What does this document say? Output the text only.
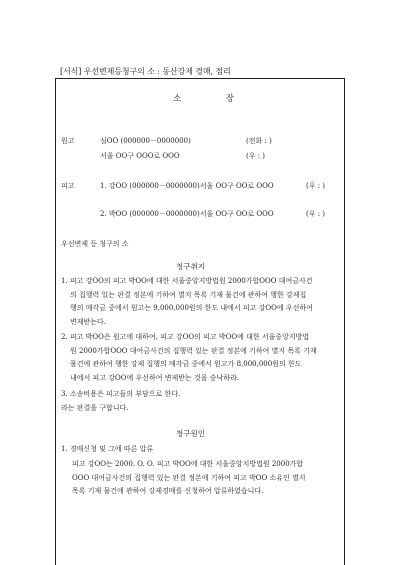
[서식] 우선변제등청구의 소 : 동산강제 경매, 점리
소	장
원고	심OO (000000－0000000)	(전화 : )
서울 OO구 OOO로 OOO	(우 : )
피고	1. 강OO (000000－0000000)서울 OO구 OO로 OOO	(우 : )
2. 박OO (000000－0000000)서울 OO구 OO로 OOO	(우 : )
우선변제 등 청구의 소
청구취지
1. 피고 강OO의 피고 박OO에 대한 서울중앙지방법원 2000가합OOO 대여금사건
의 집행력 있는 판결 정본에 기하여 별지 목록 기재 물건에 관하여 행한 강제집
행의 매각금 중에서 원고는 9,000,000원의 한도 내에서 피고 강OO에 우선하여
변제받는다.
2. 피고 박OO은 원고에 대하여, 피고 강OO의 피고 박OO에 대한 서울중앙지방법
원 2000가합OOO 대여금사건의 집행력 있는 판결 정본에 기하여 별지 목록 기재
물건에 관하여 행한 강제 집행의 매각금 중에서 원고가 8,000,000원의 한도
내에서 피고 강OO에 우선하여 변제받는 것을 승낙하라.
3. 소송비용은 피고들의 부담으로 한다.
라는 판결을 구합니다.
청구원인
1. 경매신청 및 그에 따른 압류
피고 강OO는 2000. O. O. 피고 박OO에 대한 서울중앙지방법원 2000가합
OOO 대여금사건의 집행력 있는 판결 정본에 기하여 피고 박OO 소유인 별지
목록 기재 물건에 관하여 강제경매를 신청하여 압류하였습니다.
